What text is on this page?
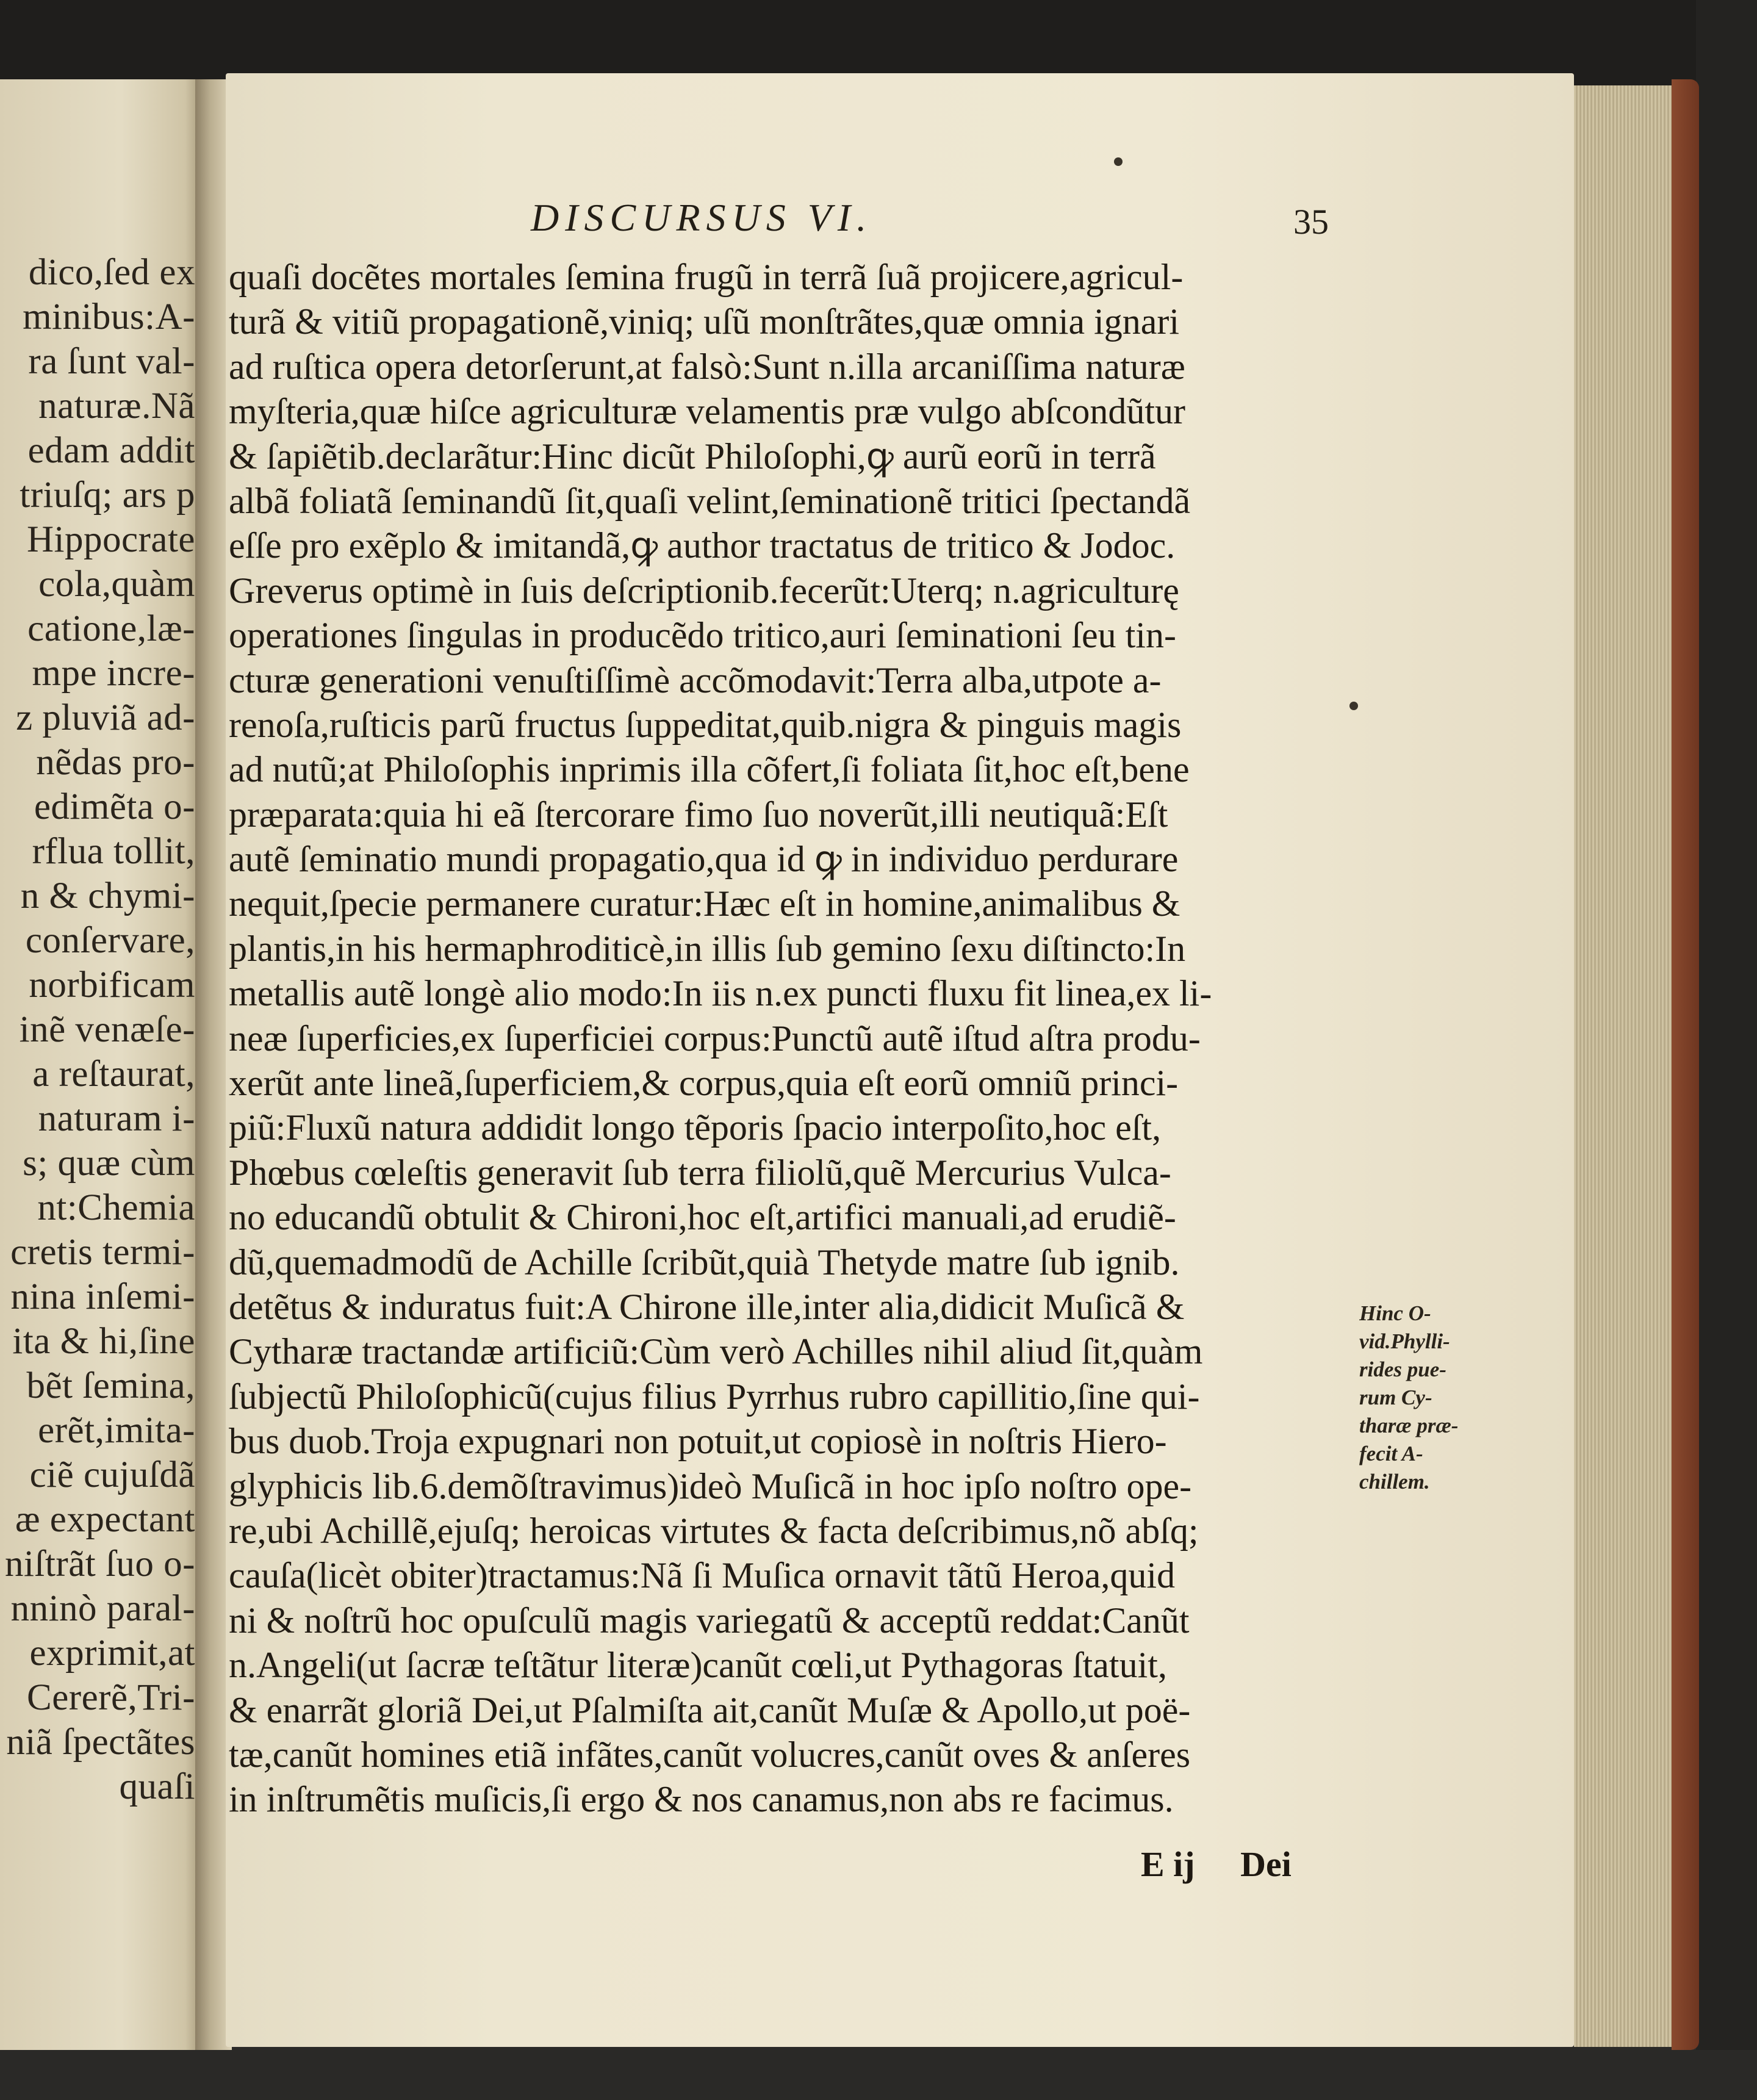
dico,ſed ex
minibus:A-
ra ſunt val-
naturæ.Nã
edam addit
triuſq; ars p
Hippocrate
cola,quàm
catione,læ-
mpe incre-
z pluviã ad-
nẽdas pro-
edimẽta o-
rflua tollit,
n & chymi-
conſervare,
norbificam
inẽ venæſe-
a reſtaurat,
naturam i-
s; quæ cùm
nt:Chemia
cretis termi-
nina inſemi-
ita & hi,ſine
bẽt ſemina,
erẽt,imita-
ciẽ cujuſdã
æ expectant
niſtrãt ſuo o-
nninò paral-
exprimit,at
Cererẽ,Tri-
niã ſpectãtes
quaſi
DISCURSUS VI.	35
quaſi docẽtes mortales ſemina frugũ in terrã ſuã projicere,agricul-
turã & vitiũ propagationẽ,viniq; uſũ monſtrãtes,quæ omnia ignari
ad ruſtica opera detorſerunt,at falsò:Sunt n.illa arcaniſſima naturæ
myſteria,quæ hiſce agriculturæ velamentis præ vulgo abſcondũtur
& ſapiẽtib.declarãtur:Hinc dicũt Philoſophi,ꝙ aurũ eorũ in terrã
albã foliatã ſeminandũ ſit,quaſi velint,ſeminationẽ tritici ſpectandã
eſſe pro exẽplo & imitandã,ꝙ author tractatus de tritico & Jodoc.
Greverus optimè in ſuis deſcriptionib.fecerũt:Uterq; n.agriculturę
operationes ſingulas in producẽdo tritico,auri ſeminationi ſeu tin-
cturæ generationi venuſtiſſimè accõmodavit:Terra alba,utpote a-
renoſa,ruſticis parũ fructus ſuppeditat,quib.nigra & pinguis magis
ad nutũ;at Philoſophis inprimis illa cõfert,ſi foliata ſit,hoc eſt,bene
præparata:quia hi eã ſtercorare fimo ſuo noverũt,illi neutiquã:Eſt
autẽ ſeminatio mundi propagatio,qua id ꝙ in individuo perdurare
nequit,ſpecie permanere curatur:Hæc eſt in homine,animalibus &
plantis,in his hermaphroditicè,in illis ſub gemino ſexu diſtincto:In
metallis autẽ longè alio modo:In iis n.ex puncti fluxu fit linea,ex li-
neæ ſuperficies,ex ſuperficiei corpus:Punctũ autẽ iſtud aſtra produ-
xerũt ante lineã,ſuperficiem,& corpus,quia eſt eorũ omniũ princi-
piũ:Fluxũ natura addidit longo tẽporis ſpacio interpoſito,hoc eſt,
Phœbus cœleſtis generavit ſub terra filiolũ,quẽ Mercurius Vulca-
no educandũ obtulit & Chironi,hoc eſt,artifici manuali,ad erudiẽ-
dũ,quemadmodũ de Achille ſcribũt,quià Thetyde matre ſub ignib.
detẽtus & induratus fuit:A Chirone ille,inter alia,didicit Muſicã &
Cytharæ tractandæ artificiũ:Cùm verò Achilles nihil aliud ſit,quàm
ſubjectũ Philoſophicũ(cujus filius Pyrrhus rubro capillitio,ſine qui-
bus duob.Troja expugnari non potuit,ut copiosè in noſtris Hiero-
glyphicis lib.6.demõſtravimus)ideò Muſicã in hoc ipſo noſtro ope-
re,ubi Achillẽ,ejuſq; heroicas virtutes & facta deſcribimus,nõ abſq;
cauſa(licèt obiter)tractamus:Nã ſi Muſica ornavit tãtũ Heroa,quid
ni & noſtrũ hoc opuſculũ magis variegatũ & acceptũ reddat:Canũt
n.Angeli(ut ſacræ teſtãtur literæ)canũt cœli,ut Pythagoras ſtatuit,
& enarrãt gloriã Dei,ut Pſalmiſta ait,canũt Muſæ & Apollo,ut poë-
tæ,canũt homines etiã infãtes,canũt volucres,canũt oves & anſeres
in inſtrumẽtis muſicis,ſi ergo & nos canamus,non abs re facimus.
Hinc O-
vid.Phylli-
rides pue-
rum Cy-
tharæ præ-
fecit A-
chillem.
E ij Dei
